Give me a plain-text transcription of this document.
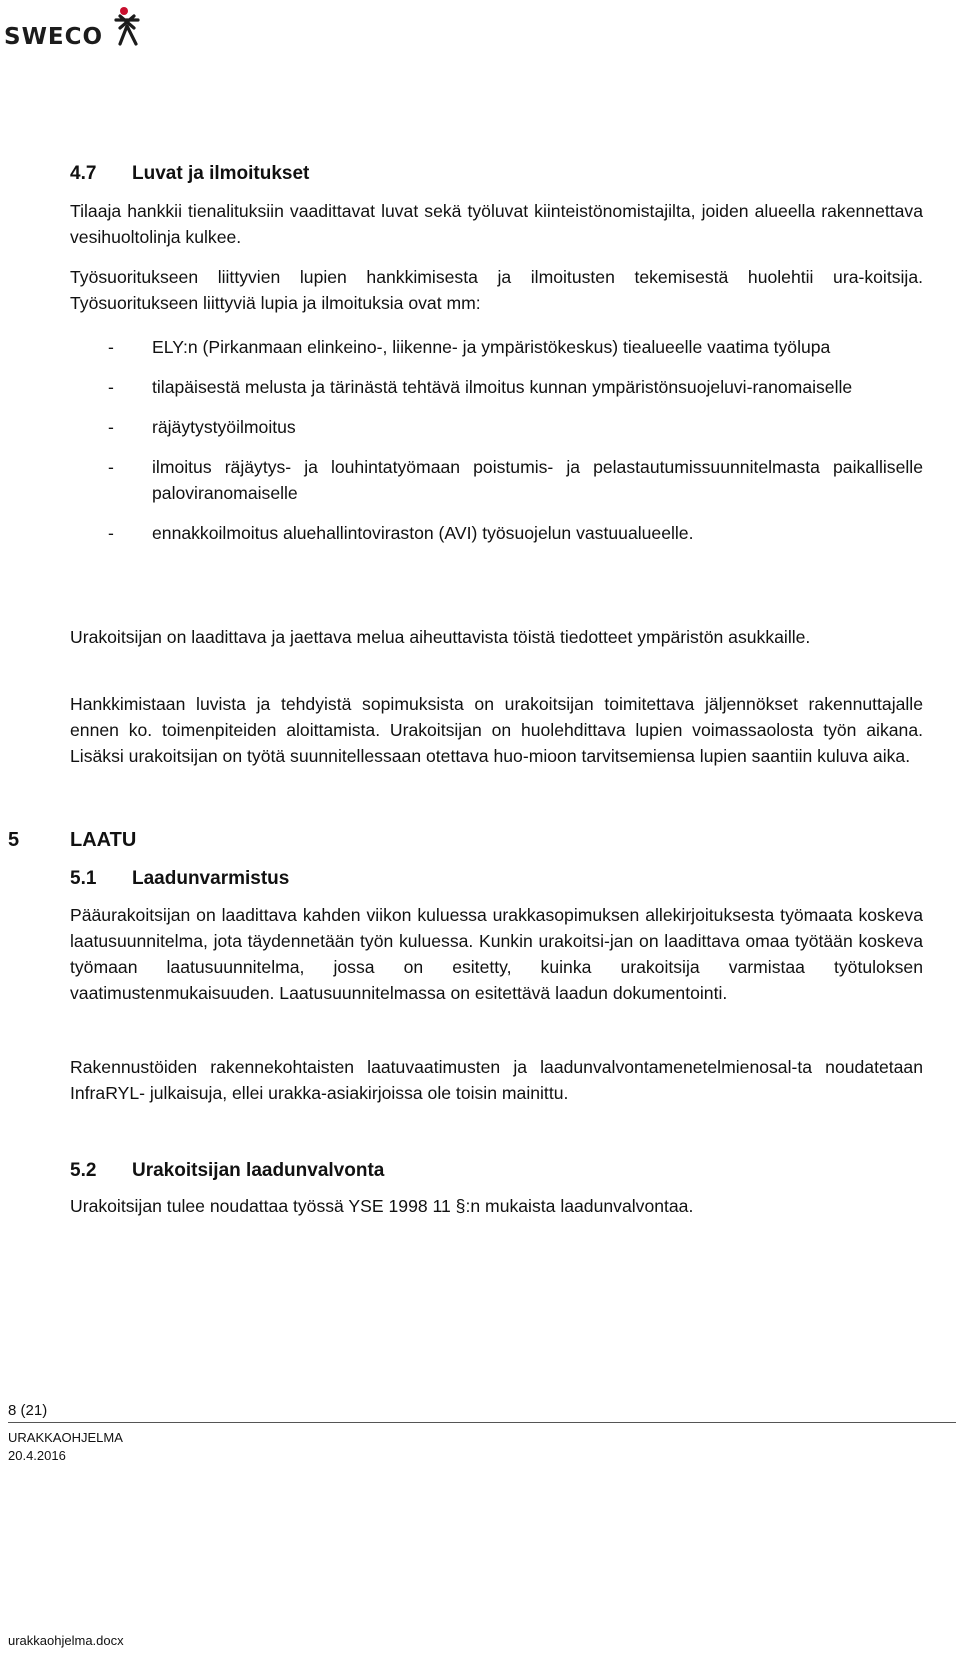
SWECO
4.7 Luvat ja ilmoitukset

Tilaaja hankkii tienalituksiin vaadittavat luvat sekä työluvat kiinteistönomistajilta, joiden alueella rakennettava vesihuoltolinja kulkee.

Työsuoritukseen liittyvien lupien hankkimisesta ja ilmoitusten tekemisestä huolehtii ura-koitsija. Työsuoritukseen liittyviä lupia ja ilmoituksia ovat mm:

- ELY:n (Pirkanmaan elinkeino-, liikenne- ja ympäristökeskus) tiealueelle vaatima työlupa
- tilapäisestä melusta ja tärinästä tehtävä ilmoitus kunnan ympäristönsuojeluvi-ranomaiselle
- räjäytystyöilmoitus
- ilmoitus räjäytys- ja louhintatyömaan poistumis- ja pelastautumissuunnitelmasta paikalliselle paloviranomaiselle
- ennakkoilmoitus aluehallintoviraston (AVI) työsuojelun vastuualueelle.

Urakoitsijan on laadittava ja jaettava melua aiheuttavista töistä tiedotteet ympäristön asukkaille.

Hankkimistaan luvista ja tehdyistä sopimuksista on urakoitsijan toimitettava jäljennökset rakennuttajalle ennen ko. toimenpiteiden aloittamista. Urakoitsijan on huolehdittava lupien voimassaolosta työn aikana. Lisäksi urakoitsijan on työtä suunnitellessaan otettava huo-mioon tarvitsemiensa lupien saantiin kuluva aika.

5	LAATU
5.1 Laadunvarmistus

Pääurakoitsijan on laadittava kahden viikon kuluessa urakkasopimuksen allekirjoituksesta työmaata koskeva laatusuunnitelma, jota täydennetään työn kuluessa. Kunkin urakoitsi-jan on laadittava omaa työtään koskeva työmaan laatusuunnitelma, jossa on esitetty, kuinka urakoitsija varmistaa työtuloksen vaatimustenmukaisuuden. Laatusuunnitelmassa on esitettävä laadun dokumentointi.

Rakennustöiden rakennekohtaisten laatuvaatimusten ja laadunvalvontamenetelmienosal-ta noudatetaan InfraRYL- julkaisuja, ellei urakka-asiakirjoissa ole toisin mainittu.

5.2 Urakoitsijan laadunvalvonta

Urakoitsijan tulee noudattaa työssä YSE 1998 11 §:n mukaista laadunvalvontaa.

8 (21)
URAKKAOHJELMA
20.4.2016
urakkaohjelma.docx
